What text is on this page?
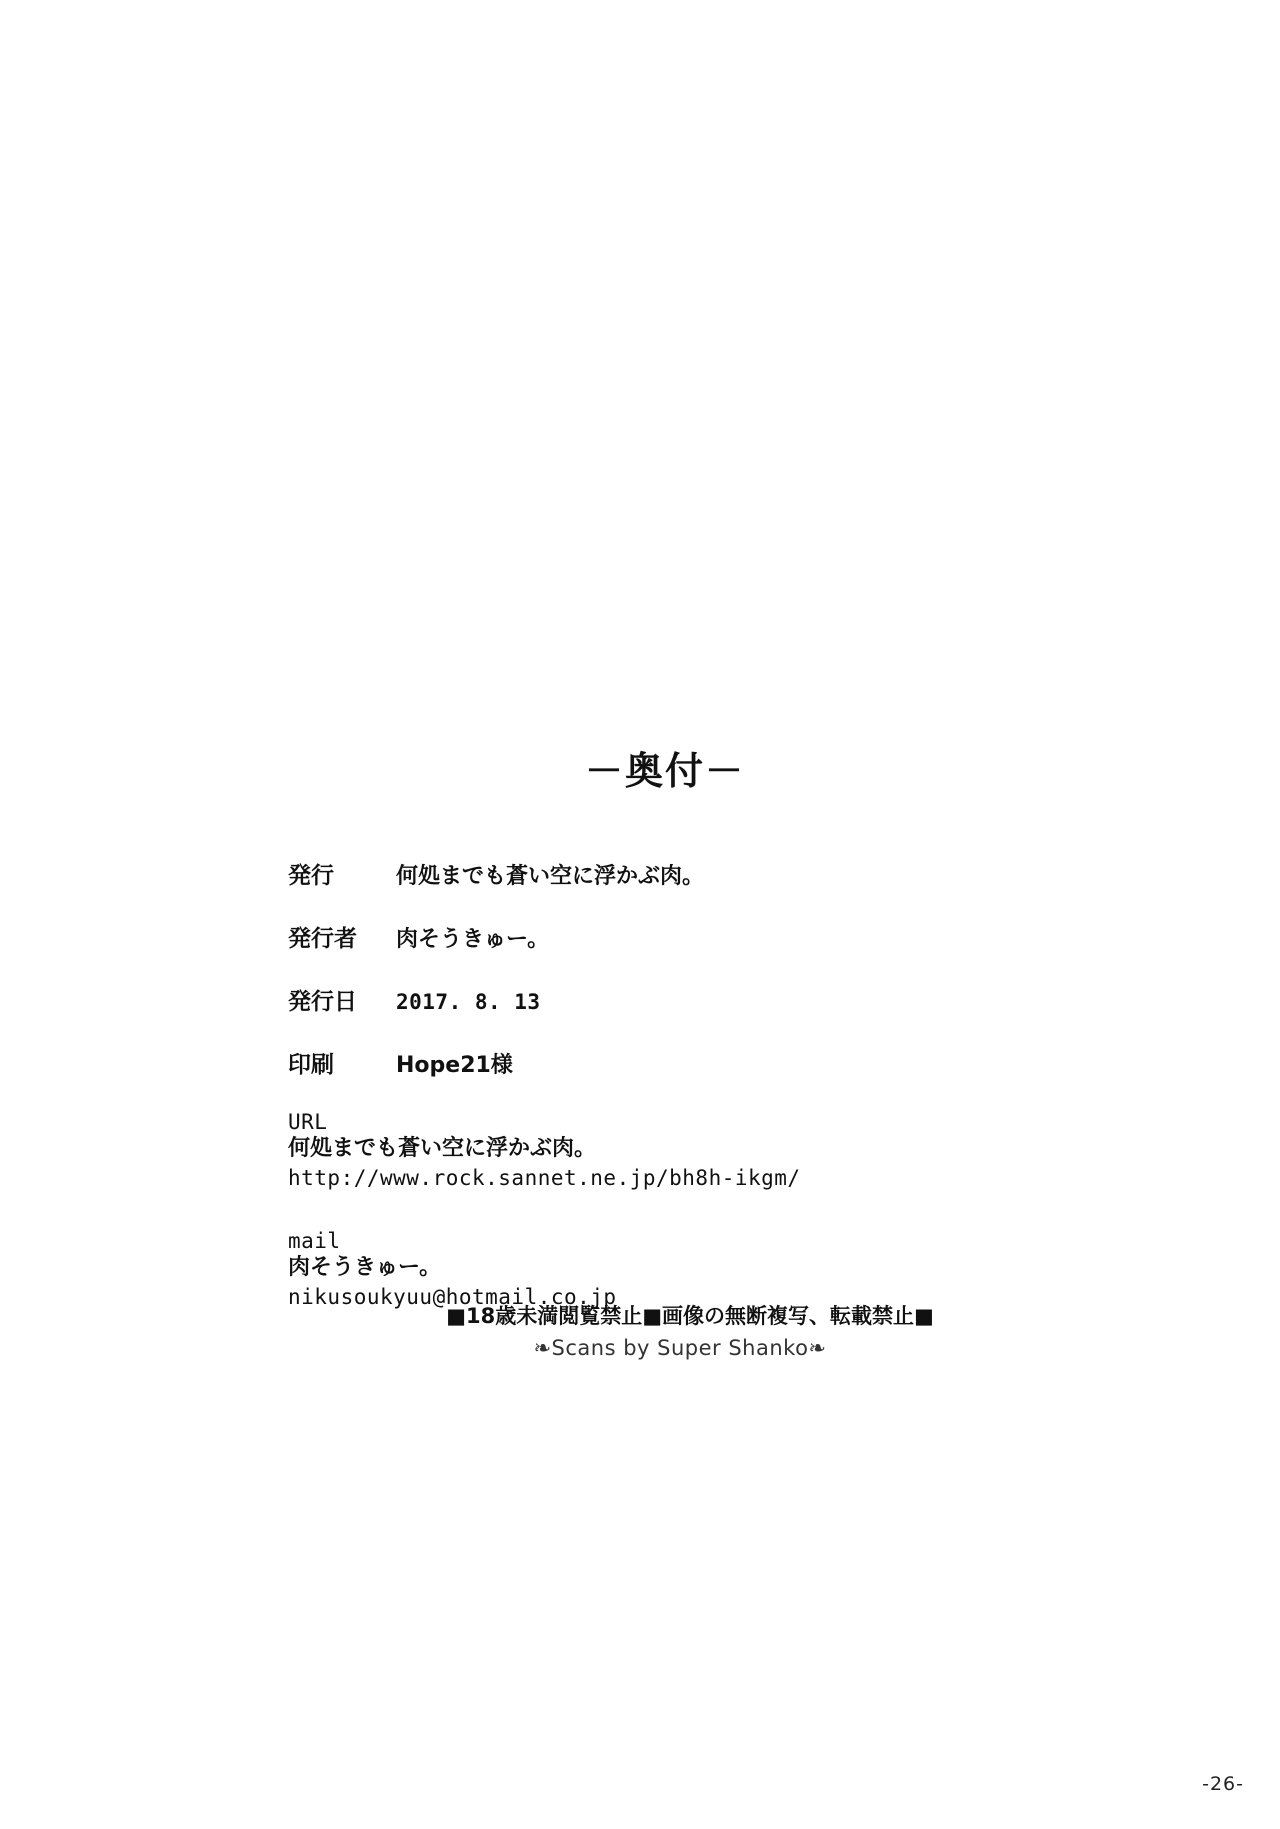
－奥付－
発行	何処までも蒼い空に浮かぶ肉。
発行者	肉そうきゅー。
発行日	2017. 8. 13
印刷	Hope21様
URL
何処までも蒼い空に浮かぶ肉。
http://www.rock.sannet.ne.jp/bh8h-ikgm/
mail
肉そうきゅー。
nikusoukyuu@hotmail.co.jp
■18歳未満閲覧禁止■画像の無断複写、転載禁止■
❧Scans by Super Shanko❧
-26-
